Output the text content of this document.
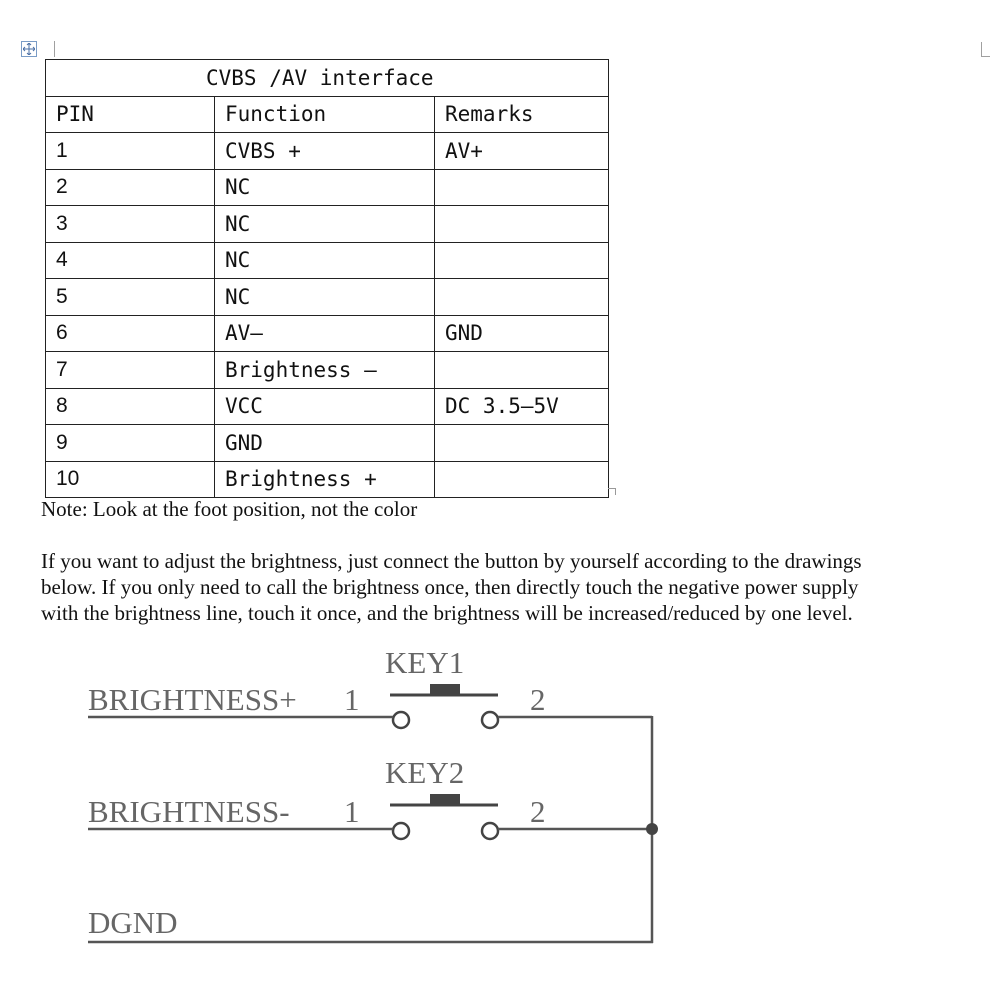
CVBS /AV interface		
PIN	Function	Remarks
1	CVBS +	AV+
2	NC	
3	NC	
4	NC	
5	NC	
6	AV—	GND
7	Brightness –	
8	VCC	DC 3.5—5V
9	GND	
10	Brightness +	
Note: Look at the foot position, not the color
If you want to adjust the brightness, just connect the button by yourself according to the drawings
below. If you only need to call the brightness once, then directly touch the negative power supply
with the brightness line, touch it once, and the brightness will be increased/reduced by one level.
KEY1
BRIGHTNESS+ 1	2
KEY2
BRIGHTNESS- 1	2
DGND
